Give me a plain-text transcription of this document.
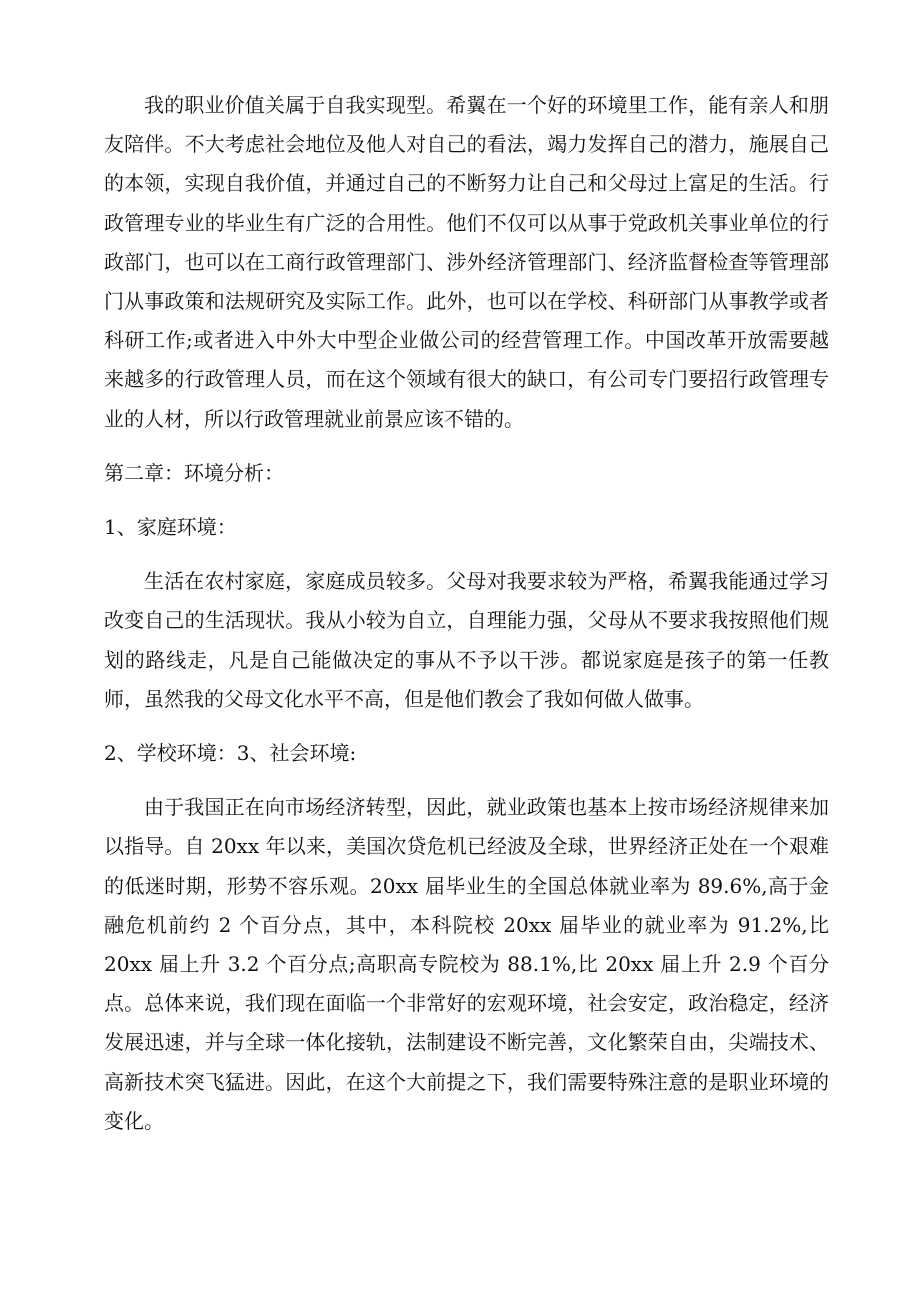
我的职业价值关属于自我实现型。希翼在一个好的环境里工作，能有亲人和朋友陪伴。不大考虑社会地位及他人对自己的看法，竭力发挥自己的潜力，施展自己的本领，实现自我价值，并通过自己的不断努力让自己和父母过上富足的生活。行政管理专业的毕业生有广泛的合用性。他们不仅可以从事于党政机关事业单位的行政部门，也可以在工商行政管理部门、涉外经济管理部门、经济监督检查等管理部门从事政策和法规研究及实际工作。此外，也可以在学校、科研部门从事教学或者科研工作;或者进入中外大中型企业做公司的经营管理工作。中国改革开放需要越来越多的行政管理人员，而在这个领域有很大的缺口，有公司专门要招行政管理专业的人材，所以行政管理就业前景应该不错的。

第二章：环境分析：

1、家庭环境：

生活在农村家庭，家庭成员较多。父母对我要求较为严格，希翼我能通过学习改变自己的生活现状。我从小较为自立，自理能力强，父母从不要求我按照他们规划的路线走，凡是自己能做决定的事从不予以干涉。都说家庭是孩子的第一任教师，虽然我的父母文化水平不高，但是他们教会了我如何做人做事。

2、学校环境：3、社会环境:

由于我国正在向市场经济转型，因此，就业政策也基本上按市场经济规律来加以指导。自 20xx 年以来，美国次贷危机已经波及全球，世界经济正处在一个艰难的低迷时期，形势不容乐观。20xx 届毕业生的全国总体就业率为 89.6%,高于金融危机前约 2 个百分点，其中，本科院校 20xx 届毕业的就业率为 91.2%,比 20xx 届上升 3.2 个百分点;高职高专院校为 88.1%,比 20xx 届上升 2.9 个百分点。总体来说，我们现在面临一个非常好的宏观环境，社会安定，政治稳定，经济发展迅速，并与全球一体化接轨，法制建设不断完善，文化繁荣自由，尖端技术、高新技术突飞猛进。因此，在这个大前提之下，我们需要特殊注意的是职业环境的变化。
